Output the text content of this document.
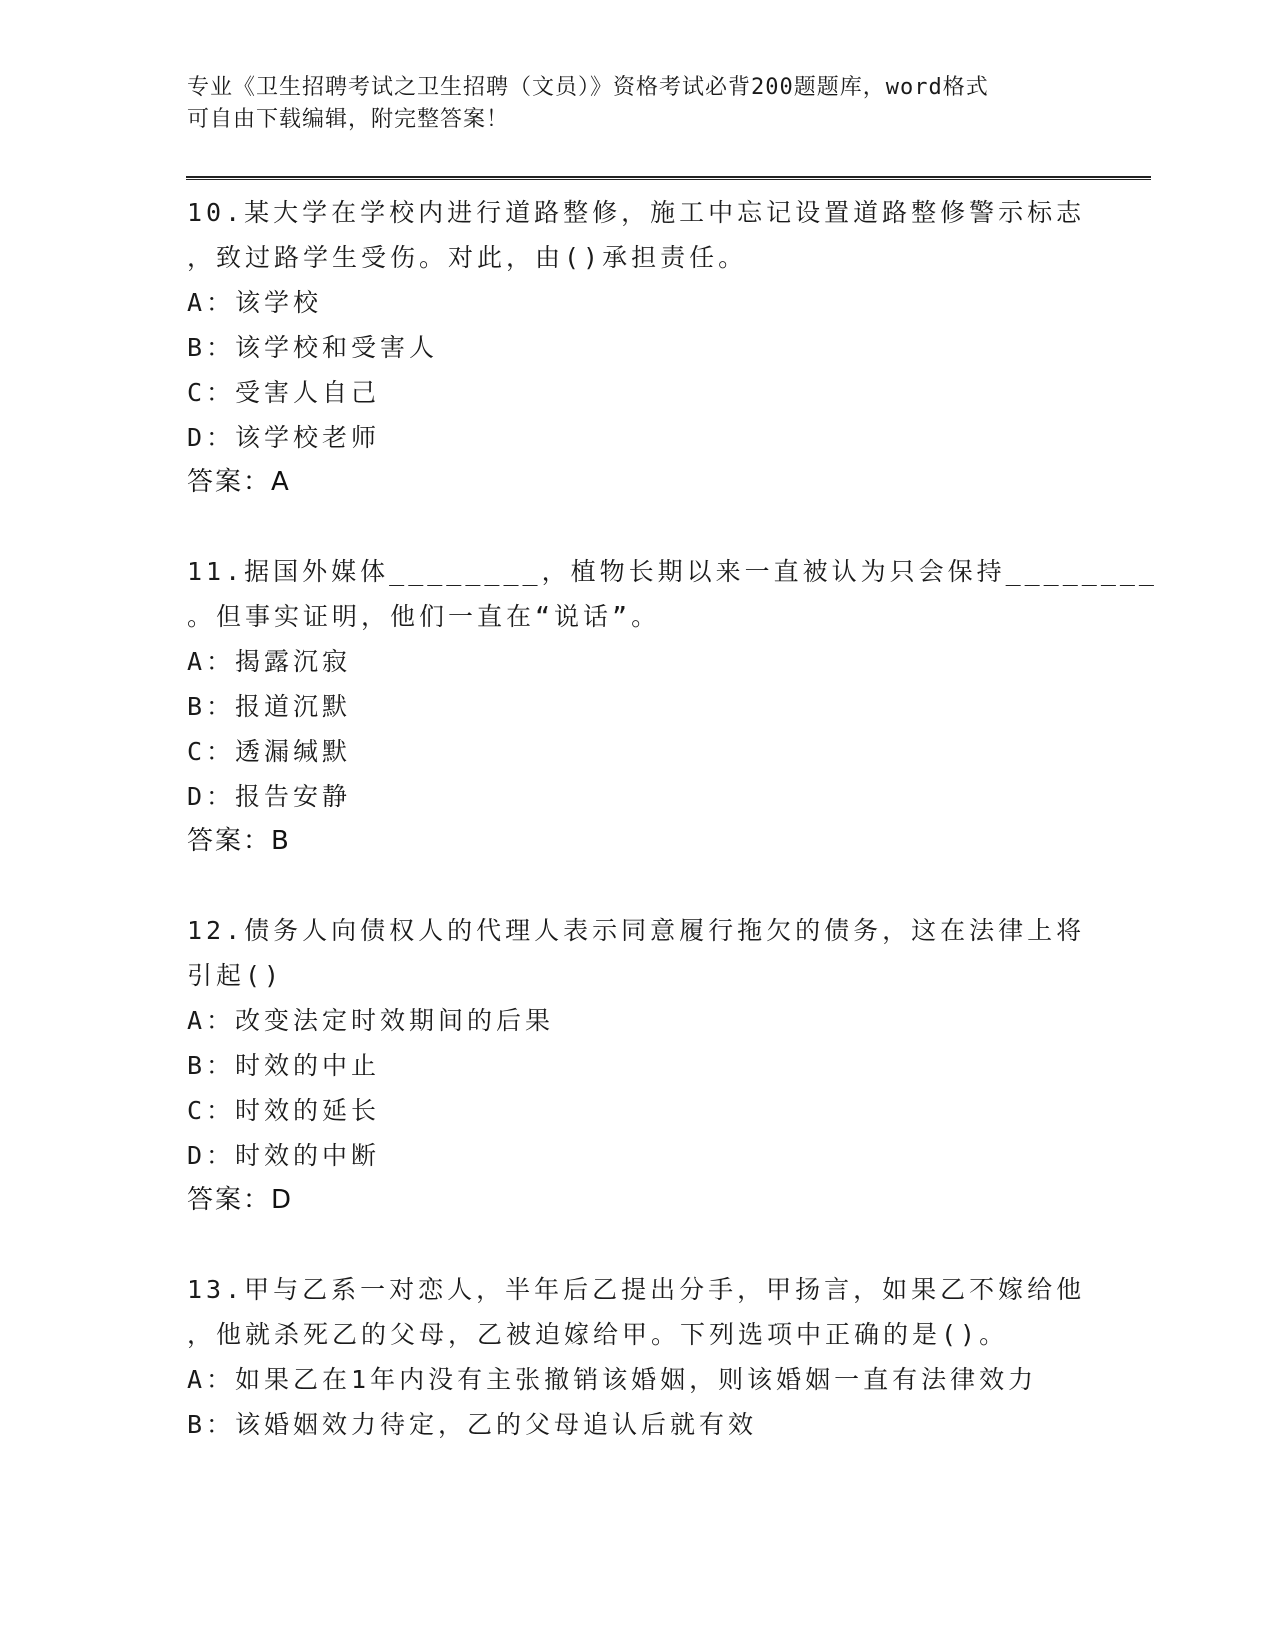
专业《卫生招聘考试之卫生招聘（文员）》资格考试必背200题题库，word格式
可自由下载编辑，附完整答案！
10.某大学在学校内进行道路整修，施工中忘记设置道路整修警示标志
，致过路学生受伤。对此，由()承担责任。
A：该学校
B：该学校和受害人
C：受害人自己
D：该学校老师
答案：A
11.据国外媒体________，植物长期以来一直被认为只会保持________
。但事实证明，他们一直在“说话”。
A：揭露沉寂
B：报道沉默
C：透漏缄默
D：报告安静
答案：B
12.债务人向债权人的代理人表示同意履行拖欠的债务，这在法律上将
引起()
A：改变法定时效期间的后果
B：时效的中止
C：时效的延长
D：时效的中断
答案：D
13.甲与乙系一对恋人，半年后乙提出分手，甲扬言，如果乙不嫁给他
，他就杀死乙的父母，乙被迫嫁给甲。下列选项中正确的是()。
A：如果乙在1年内没有主张撤销该婚姻，则该婚姻一直有法律效力
B：该婚姻效力待定，乙的父母追认后就有效
